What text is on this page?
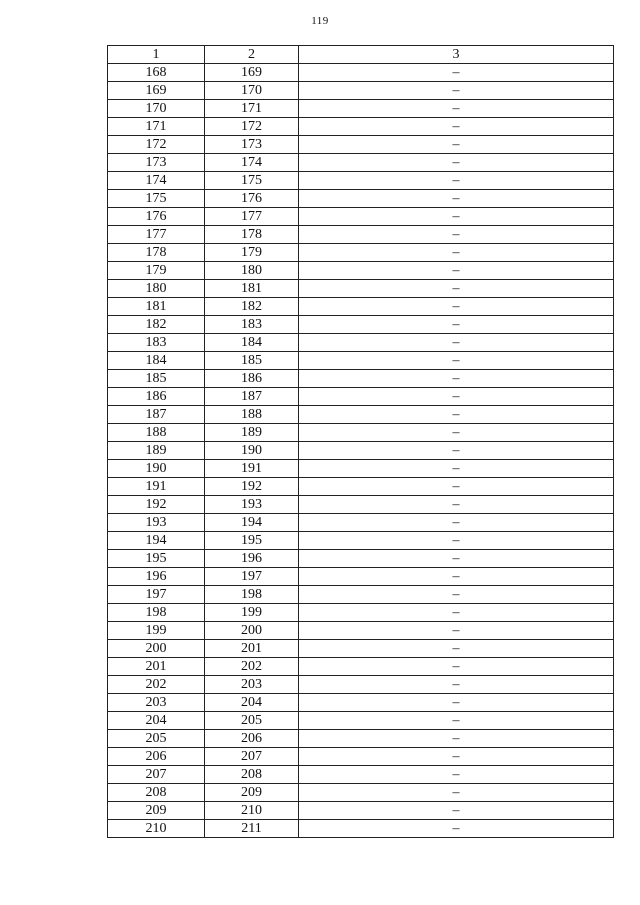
119
1	2	3
168	169	–
169	170	–
170	171	–
171	172	–
172	173	–
173	174	–
174	175	–
175	176	–
176	177	–
177	178	–
178	179	–
179	180	–
180	181	–
181	182	–
182	183	–
183	184	–
184	185	–
185	186	–
186	187	–
187	188	–
188	189	–
189	190	–
190	191	–
191	192	–
192	193	–
193	194	–
194	195	–
195	196	–
196	197	–
197	198	–
198	199	–
199	200	–
200	201	–
201	202	–
202	203	–
203	204	–
204	205	–
205	206	–
206	207	–
207	208	–
208	209	–
209	210	–
210	211	–
